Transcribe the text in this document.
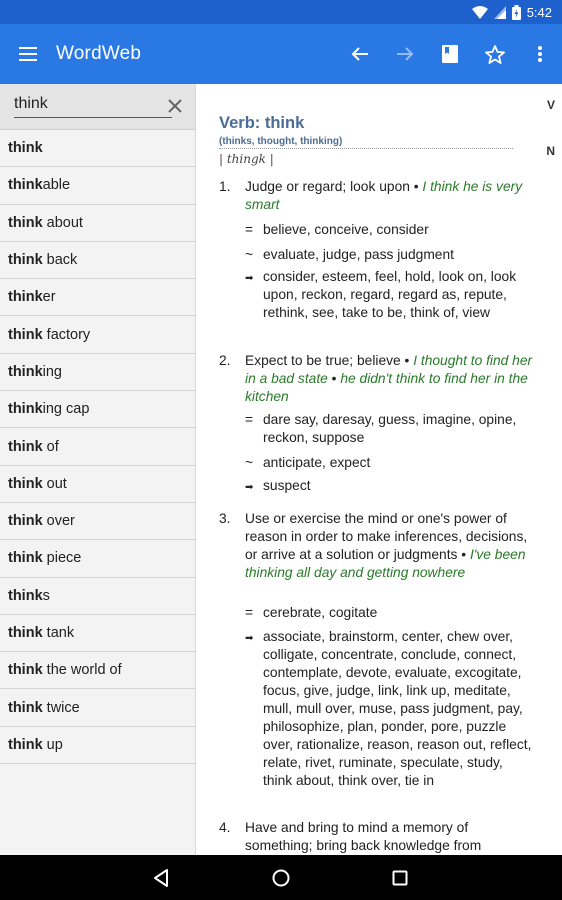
5:42
WordWeb
think
think
think able
think about
think back
think er
think factory
think ing
think ing cap
think of
think out
think over
think piece
think s
think tank
think the world of
think twice
think up
Verb: think
(thinks, thought, thinking)
| thingk |
V
N
1. Judge or regard; look upon • I think he is very smart
= believe, conceive, consider
~ evaluate, judge, pass judgment
➡ consider, esteem, feel, hold, look on, look upon, reckon, regard, regard as, repute, rethink, see, take to be, think of, view
2. Expect to be true; believe • I thought to find her in a bad state • he didn't think to find her in the kitchen
= dare say, daresay, guess, imagine, opine, reckon, suppose
~ anticipate, expect
➡ suspect
3. Use or exercise the mind or one's power of reason in order to make inferences, decisions, or arrive at a solution or judgments • I've been thinking all day and getting nowhere
= cerebrate, cogitate
➡ associate, brainstorm, center, chew over, colligate, concentrate, conclude, connect, contemplate, devote, evaluate, excogitate, focus, give, judge, link, link up, meditate, mull, mull over, muse, pass judgment, pay, philosophize, plan, ponder, pore, puzzle over, rationalize, reason, reason out, reflect, relate, rivet, ruminate, speculate, study, think about, think over, tie in
4. Have and bring to mind a memory of something; bring back knowledge from
